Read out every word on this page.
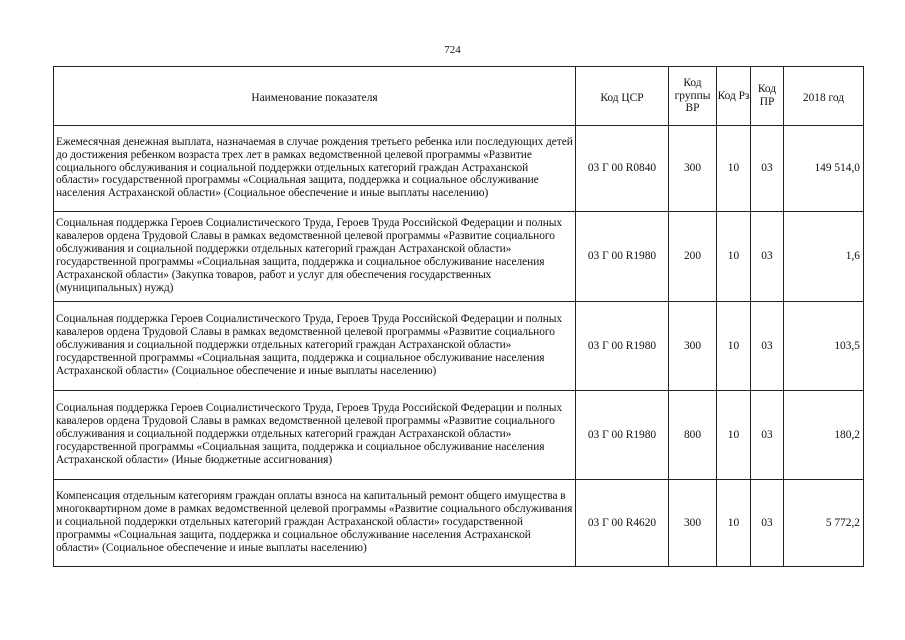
724
Наименование показателя	Код ЦСР	Код группы ВР	Код Рз	Код ПР	2018 год
Ежемесячная денежная выплата, назначаемая в случае рождения третьего ребенка или последующих детей до достижения ребенком возраста трех лет в рамках ведомственной целевой программы «Развитие социального обслуживания и социальной поддержки отдельных категорий граждан Астраханской области» государственной программы «Социальная защита, поддержка и социальное обслуживание населения Астраханской области» (Социальное обеспечение и иные выплаты населению)	03 Г 00 R0840	300	10	03	149 514,0
Социальная поддержка Героев Социалистического Труда, Героев Труда Российской Федерации и полных кавалеров ордена Трудовой Славы в рамках ведомственной целевой программы «Развитие социального обслуживания и социальной поддержки отдельных категорий граждан Астраханской области» государственной программы «Социальная защита, поддержка и социальное обслуживание населения Астраханской области» (Закупка товаров, работ и услуг для обеспечения государственных (муниципальных) нужд)	03 Г 00 R1980	200	10	03	1,6
Социальная поддержка Героев Социалистического Труда, Героев Труда Российской Федерации и полных кавалеров ордена Трудовой Славы в рамках ведомственной целевой программы «Развитие социального обслуживания и социальной поддержки отдельных категорий граждан Астраханской области» государственной программы «Социальная защита, поддержка и социальное обслуживание населения Астраханской области» (Социальное обеспечение и иные выплаты населению)	03 Г 00 R1980	300	10	03	103,5
Социальная поддержка Героев Социалистического Труда, Героев Труда Российской Федерации и полных кавалеров ордена Трудовой Славы в рамках ведомственной целевой программы «Развитие социального обслуживания и социальной поддержки отдельных категорий граждан Астраханской области» государственной программы «Социальная защита, поддержка и социальное обслуживание населения Астраханской области» (Иные бюджетные ассигнования)	03 Г 00 R1980	800	10	03	180,2
Компенсация отдельным категориям граждан оплаты взноса на капитальный ремонт общего имущества в многоквартирном доме в рамках ведомственной целевой программы «Развитие социального обслуживания и социальной поддержки отдельных категорий граждан Астраханской области» государственной программы «Социальная защита, поддержка и социальное обслуживание населения Астраханской области» (Социальное обеспечение и иные выплаты населению)	03 Г 00 R4620	300	10	03	5 772,2
